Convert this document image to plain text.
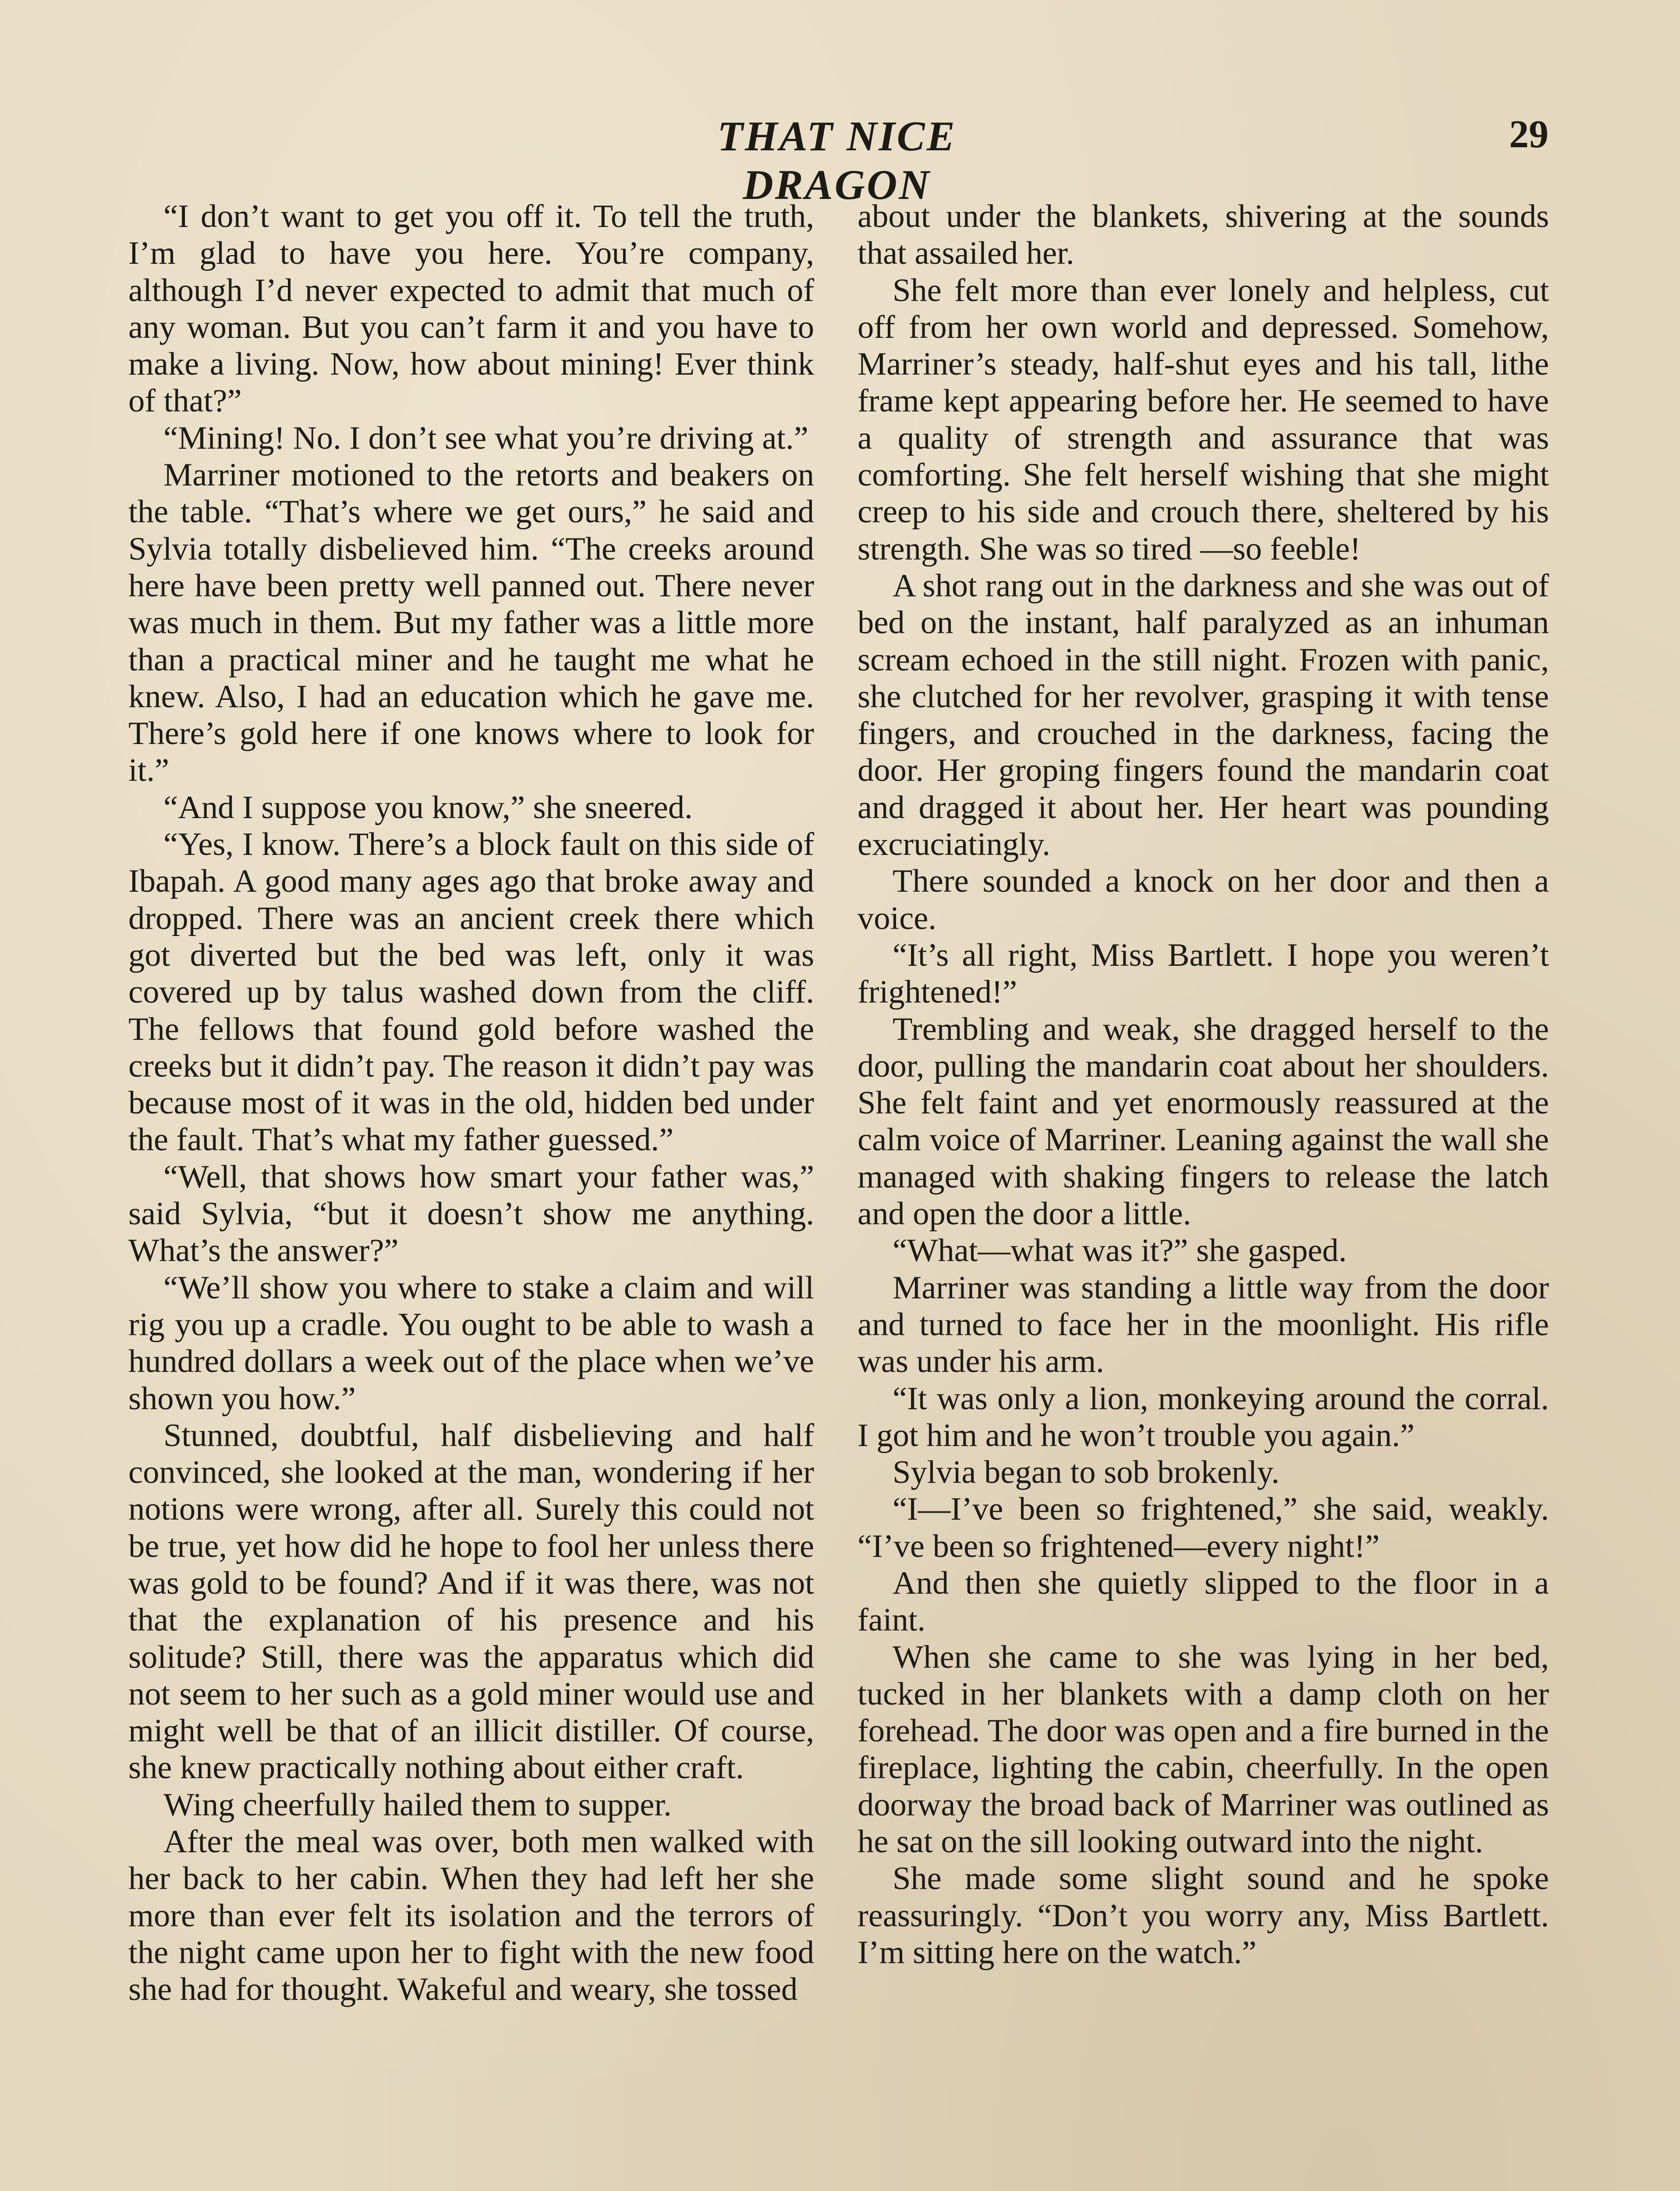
THAT NICE DRAGON
29

“I don’t want to get you off it. To tell the truth, I’m glad to have you here. You’re company, although I’d never expected to admit that much of any woman. But you can’t farm it and you have to make a living. Now, how about mining! Ever think of that?”

“Mining! No. I don’t see what you’re driving at.”

Marriner motioned to the retorts and beakers on the table. “That’s where we get ours,” he said and Sylvia totally disbelieved him. “The creeks around here have been pretty well panned out. There never was much in them. But my father was a little more than a practical miner and he taught me what he knew. Also, I had an education which he gave me. There’s gold here if one knows where to look for it.”

“And I suppose you know,” she sneered.

“Yes, I know. There’s a block fault on this side of Ibapah. A good many ages ago that broke away and dropped. There was an ancient creek there which got diverted but the bed was left, only it was covered up by talus washed down from the cliff. The fellows that found gold before washed the creeks but it didn’t pay. The reason it didn’t pay was because most of it was in the old, hidden bed under the fault. That’s what my father guessed.”

“Well, that shows how smart your father was,” said Sylvia, “but it doesn’t show me anything. What’s the answer?”

“We’ll show you where to stake a claim and will rig you up a cradle. You ought to be able to wash a hundred dollars a week out of the place when we’ve shown you how.”

Stunned, doubtful, half disbelieving and half convinced, she looked at the man, wondering if her notions were wrong, after all. Surely this could not be true, yet how did he hope to fool her unless there was gold to be found? And if it was there, was not that the explanation of his presence and his solitude? Still, there was the apparatus which did not seem to her such as a gold miner would use and might well be that of an illicit distiller. Of course, she knew practically nothing about either craft.

Wing cheerfully hailed them to supper.

After the meal was over, both men walked with her back to her cabin. When they had left her she more than ever felt its isolation and the terrors of the night came upon her to fight with the new food she had for thought. Wakeful and weary, she tossed

about under the blankets, shivering at the sounds that assailed her.

She felt more than ever lonely and helpless, cut off from her own world and depressed. Somehow, Marriner’s steady, half-shut eyes and his tall, lithe frame kept appearing before her. He seemed to have a quality of strength and assurance that was comforting. She felt herself wishing that she might creep to his side and crouch there, sheltered by his strength. She was so tired —so feeble!

A shot rang out in the darkness and she was out of bed on the instant, half paralyzed as an inhuman scream echoed in the still night. Frozen with panic, she clutched for her revolver, grasping it with tense fingers, and crouched in the darkness, facing the door. Her groping fingers found the mandarin coat and dragged it about her. Her heart was pounding excruciatingly.

There sounded a knock on her door and then a voice.

“It’s all right, Miss Bartlett. I hope you weren’t frightened!”

Trembling and weak, she dragged herself to the door, pulling the mandarin coat about her shoulders. She felt faint and yet enormously reassured at the calm voice of Marriner. Leaning against the wall she managed with shaking fingers to release the latch and open the door a little.

“What—what was it?” she gasped.

Marriner was standing a little way from the door and turned to face her in the moonlight. His rifle was under his arm.

“It was only a lion, monkeying around the corral. I got him and he won’t trouble you again.”

Sylvia began to sob brokenly.

“I—I’ve been so frightened,” she said, weakly. “I’ve been so frightened—every night!”

And then she quietly slipped to the floor in a faint.

When she came to she was lying in her bed, tucked in her blankets with a damp cloth on her forehead. The door was open and a fire burned in the fireplace, lighting the cabin, cheerfully. In the open doorway the broad back of Marriner was outlined as he sat on the sill looking outward into the night.

She made some slight sound and he spoke reassuringly. “Don’t you worry any, Miss Bartlett. I’m sitting here on the watch.”
